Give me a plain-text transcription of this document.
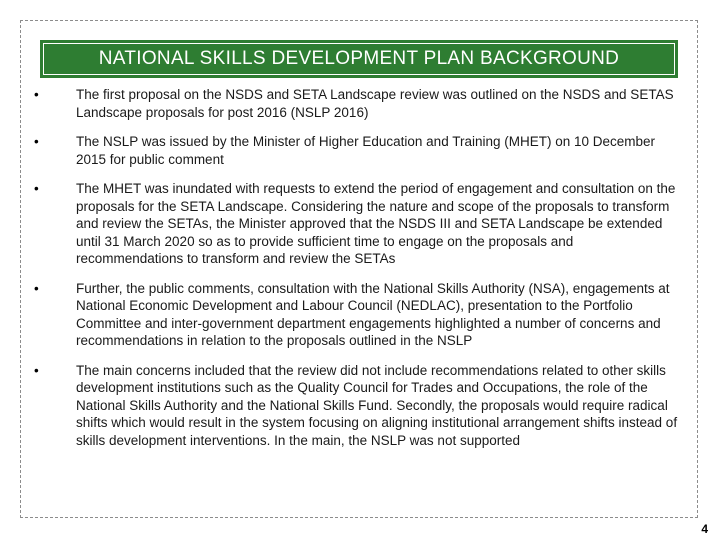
NATIONAL SKILLS DEVELOPMENT PLAN BACKGROUND
•	The first proposal on the NSDS and SETA Landscape review was outlined on the NSDS and SETAS Landscape proposals for post 2016 (NSLP 2016)
•	The NSLP was issued by the Minister of Higher Education and Training (MHET) on 10 December 2015 for public comment
•	The MHET was inundated with requests to extend the period of engagement and consultation on the proposals for the SETA Landscape. Considering the nature and scope of the proposals to transform and review the SETAs, the Minister approved that the NSDS III and SETA Landscape be extended until 31 March 2020 so as to provide sufficient time to engage on the proposals and recommendations to transform and review the SETAs
•	Further, the public comments, consultation with the National Skills Authority (NSA), engagements at National Economic Development and Labour Council (NEDLAC), presentation to the Portfolio Committee and inter-government department engagements highlighted a number of concerns and recommendations in relation to the proposals outlined in the NSLP
•	The main concerns included that the review did not include recommendations related to other skills development institutions such as the Quality Council for Trades and Occupations, the role of the National Skills Authority and the National Skills Fund. Secondly, the proposals would require radical shifts which would result in the system focusing on aligning institutional arrangement shifts instead of skills development interventions. In the main, the NSLP was not supported
4
